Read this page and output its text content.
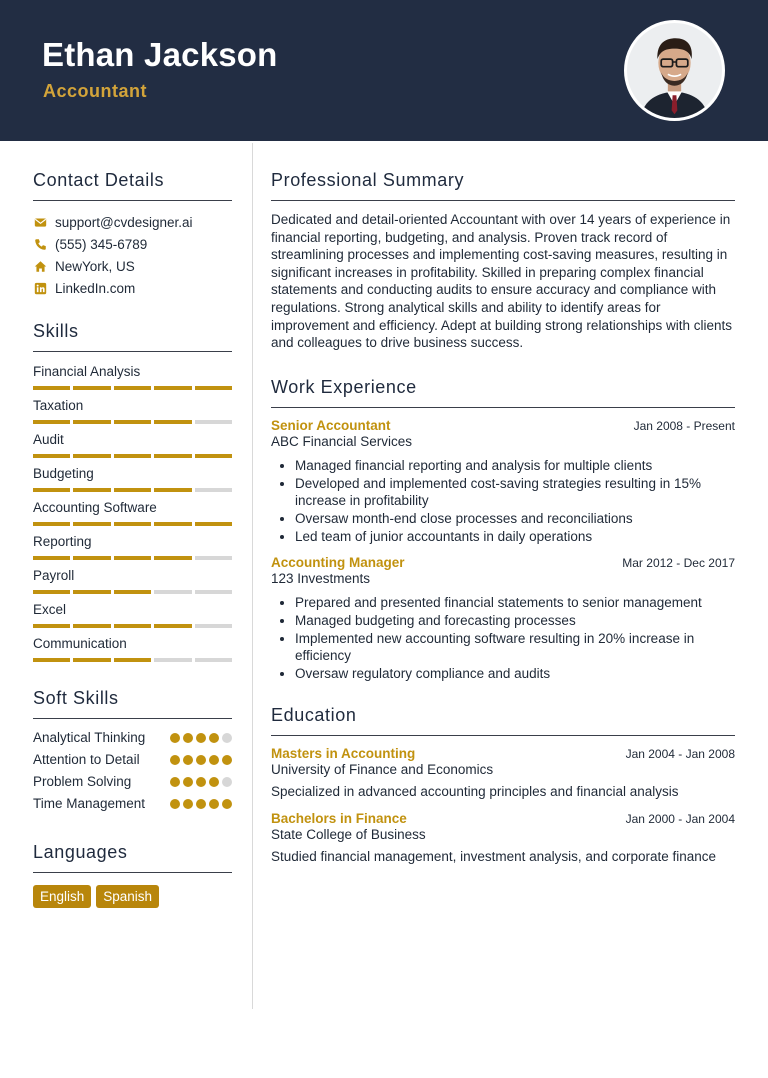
Ethan Jackson
Accountant
Contact Details
support@cvdesigner.ai
(555) 345-6789
NewYork, US
LinkedIn.com
Skills
Financial Analysis
Taxation
Audit
Budgeting
Accounting Software
Reporting
Payroll
Excel
Communication
Soft Skills
Analytical Thinking
Attention to Detail
Problem Solving
Time Management
Languages
English	Spanish
Professional Summary
Dedicated and detail-oriented Accountant with over 14 years of experience in financial reporting, budgeting, and analysis. Proven track record of streamlining processes and implementing cost-saving measures, resulting in significant increases in profitability. Skilled in preparing complex financial statements and conducting audits to ensure accuracy and compliance with regulations. Strong analytical skills and ability to identify areas for improvement and efficiency. Adept at building strong relationships with clients and colleagues to drive business success.
Work Experience
Senior Accountant	Jan 2008 - Present
ABC Financial Services
• Managed financial reporting and analysis for multiple clients
• Developed and implemented cost-saving strategies resulting in 15% increase in profitability
• Oversaw month-end close processes and reconciliations
• Led team of junior accountants in daily operations
Accounting Manager	Mar 2012 - Dec 2017
123 Investments
• Prepared and presented financial statements to senior management
• Managed budgeting and forecasting processes
• Implemented new accounting software resulting in 20% increase in efficiency
• Oversaw regulatory compliance and audits
Education
Masters in Accounting	Jan 2004 - Jan 2008
University of Finance and Economics
Specialized in advanced accounting principles and financial analysis
Bachelors in Finance	Jan 2000 - Jan 2004
State College of Business
Studied financial management, investment analysis, and corporate finance
